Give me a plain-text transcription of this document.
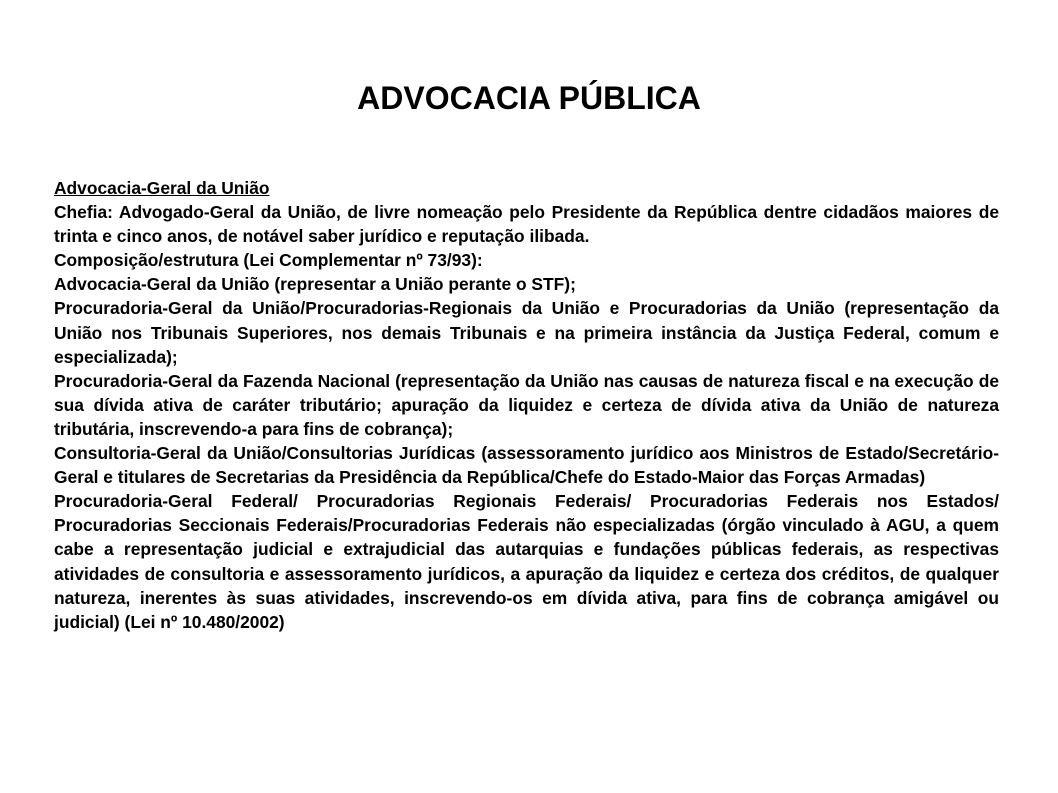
ADVOCACIA PÚBLICA

Advocacia-Geral da União

Chefia: Advogado-Geral da União, de livre nomeação pelo Presidente da República dentre cidadãos maiores de trinta e cinco anos, de notável saber jurídico e reputação ilibada.

Composição/estrutura (Lei Complementar nº 73/93):

Advocacia-Geral da União (representar a União perante o STF);

Procuradoria-Geral da União/Procuradorias-Regionais da União e Procuradorias da União (representação da União nos Tribunais Superiores, nos demais Tribunais e na primeira instância da Justiça Federal, comum e especializada);

Procuradoria-Geral da Fazenda Nacional (representação da União nas causas de natureza fiscal e na execução de sua dívida ativa de caráter tributário; apuração da liquidez e certeza de dívida ativa da União de natureza tributária, inscrevendo-a para fins de cobrança);

Consultoria-Geral da União/Consultorias Jurídicas (assessoramento jurídico aos Ministros de Estado/Secretário-Geral e titulares de Secretarias da Presidência da República/Chefe do Estado-Maior das Forças Armadas)

Procuradoria-Geral Federal/ Procuradorias Regionais Federais/ Procuradorias Federais nos Estados/ Procuradorias Seccionais Federais/Procuradorias Federais não especializadas (órgão vinculado à AGU, a quem cabe a representação judicial e extrajudicial das autarquias e fundações públicas federais, as respectivas atividades de consultoria e assessoramento jurídicos, a apuração da liquidez e certeza dos créditos, de qualquer natureza, inerentes às suas atividades, inscrevendo-os em dívida ativa, para fins de cobrança amigável ou judicial) (Lei nº 10.480/2002)
